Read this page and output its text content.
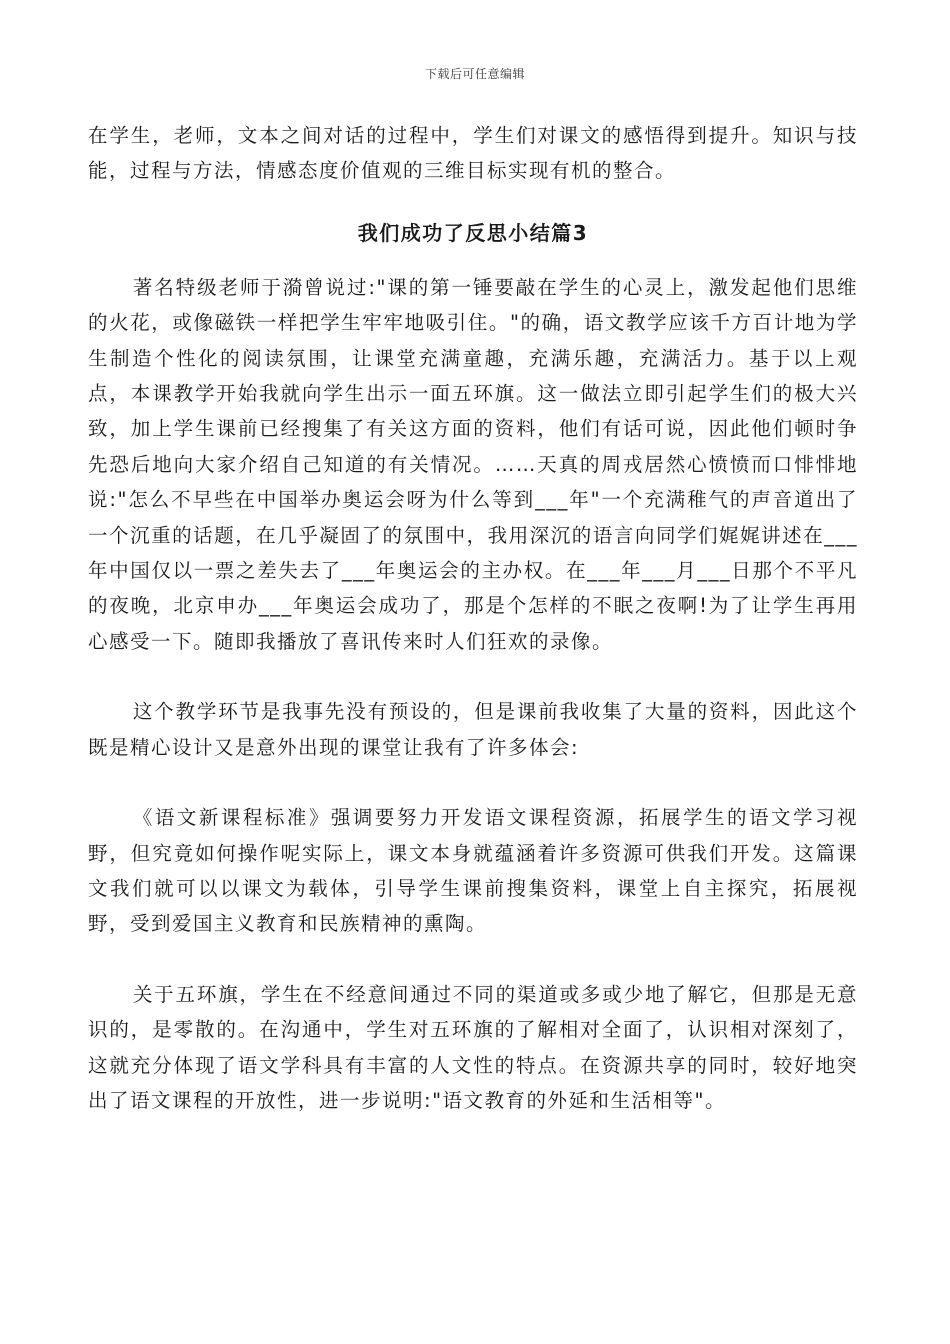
下载后可任意编辑

在学生，老师，文本之间对话的过程中，学生们对课文的感悟得到提升。知识与技能，过程与方法，情感态度价值观的三维目标实现有机的整合。

我们成功了反思小结篇3

著名特级老师于漪曾说过:"课的第一锤要敲在学生的心灵上，激发起他们思维的火花，或像磁铁一样把学生牢牢地吸引住。"的确，语文教学应该千方百计地为学生制造个性化的阅读氛围，让课堂充满童趣，充满乐趣，充满活力。基于以上观点，本课教学开始我就向学生出示一面五环旗。这一做法立即引起学生们的极大兴致，加上学生课前已经搜集了有关这方面的资料，他们有话可说，因此他们顿时争先恐后地向大家介绍自己知道的有关情况。……天真的周戎居然心愤愤而口悱悱地说:"怎么不早些在中国举办奥运会呀为什么等到___年"一个充满稚气的声音道出了一个沉重的话题，在几乎凝固了的氛围中，我用深沉的语言向同学们娓娓讲述在___年中国仅以一票之差失去了___年奥运会的主办权。在___年___月___日那个不平凡的夜晚，北京申办___年奥运会成功了，那是个怎样的不眠之夜啊!为了让学生再用心感受一下。随即我播放了喜讯传来时人们狂欢的录像。

这个教学环节是我事先没有预设的，但是课前我收集了大量的资料，因此这个既是精心设计又是意外出现的课堂让我有了许多体会:

《语文新课程标准》强调要努力开发语文课程资源，拓展学生的语文学习视野，但究竟如何操作呢实际上，课文本身就蕴涵着许多资源可供我们开发。这篇课文我们就可以以课文为载体，引导学生课前搜集资料，课堂上自主探究，拓展视野，受到爱国主义教育和民族精神的熏陶。

关于五环旗，学生在不经意间通过不同的渠道或多或少地了解它，但那是无意识的，是零散的。在沟通中，学生对五环旗的了解相对全面了，认识相对深刻了，这就充分体现了语文学科具有丰富的人文性的特点。在资源共享的同时，较好地突出了语文课程的开放性，进一步说明:"语文教育的外延和生活相等"。
